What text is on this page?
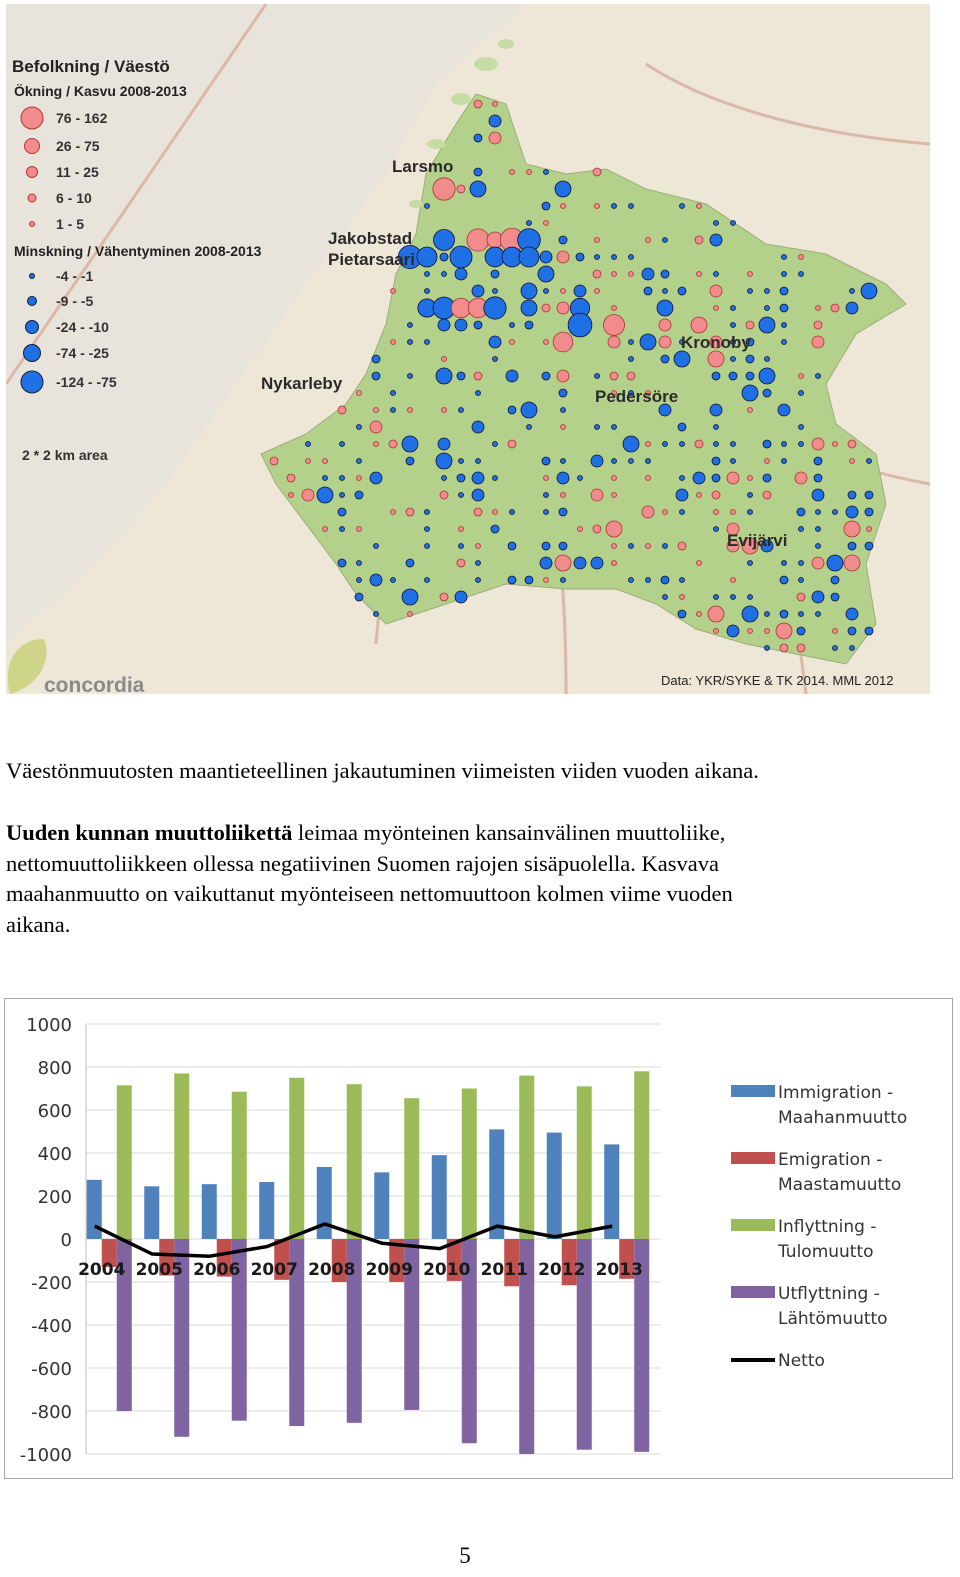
Befolkning / Väestö
Ökning / Kasvu 2008-2013
76 - 162
26 - 75
11 - 25
6 - 10
1 - 5
Minskning / Vähentyminen 2008-2013
-4 - -1
-9 - -5
-24 - -10
-74 - -25
-124 - -75
2 * 2 km area
Larsmo
Jakobstad
Pietarsaari
Nykarleby
Kronoby
Pedersöre
Evijärvi
concordia	Data: YKR/SYKE & TK 2014. MML 2012
Väestönmuutosten maantieteellinen jakautuminen viimeisten viiden vuoden aikana.
Uuden kunnan muuttoliikettä leimaa myönteinen kansainvälinen muuttoliike,
nettomuuttoliikkeen ollessa negatiivinen Suomen rajojen sisäpuolella. Kasvava
maahanmuutto on vaikuttanut myönteiseen nettomuuttoon kolmen viime vuoden
aikana.
1000
800
600
400
200
0
-200
-400
-600
-800
-1000
2004 2005 2006 2007 2008 2009 2010 2011 2012 2013
Immigration -
Maahanmuutto
Emigration -
Maastamuutto
Inflyttning -
Tulomuutto
Utflyttning -
Lähtömuutto
Netto
5
